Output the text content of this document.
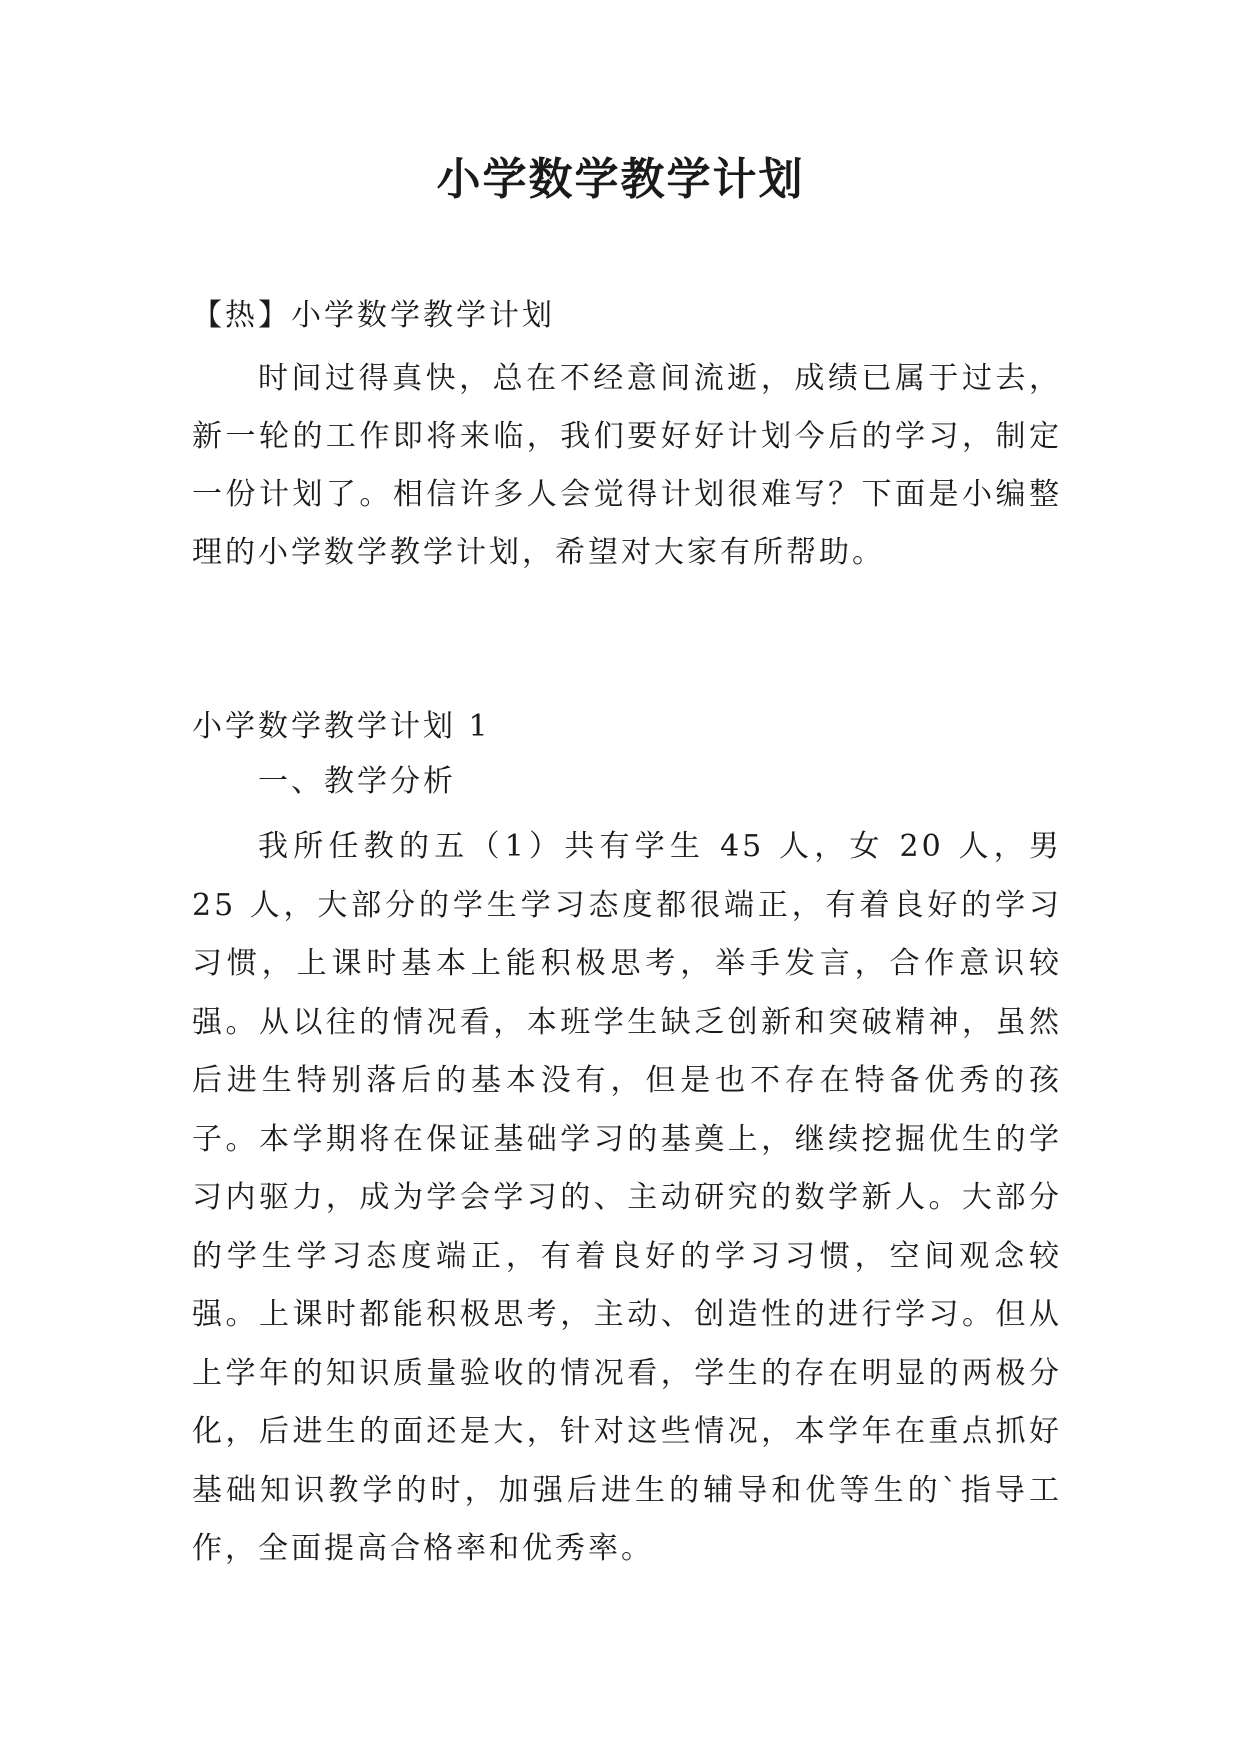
小学数学教学计划

【热】小学数学教学计划

时间过得真快，总在不经意间流逝，成绩已属于过去，新一轮的工作即将来临，我们要好好计划今后的学习，制定一份计划了。相信许多人会觉得计划很难写？下面是小编整理的小学数学教学计划，希望对大家有所帮助。

小学数学教学计划 1

一、教学分析

我所任教的五（1）共有学生 45 人，女 20 人，男 25 人，大部分的学生学习态度都很端正，有着良好的学习习惯，上课时基本上能积极思考，举手发言，合作意识较强。从以往的情况看，本班学生缺乏创新和突破精神，虽然后进生特别落后的基本没有，但是也不存在特备优秀的孩子。本学期将在保证基础学习的基奠上，继续挖掘优生的学习内驱力，成为学会学习的、主动研究的数学新人。大部分的学生学习态度端正，有着良好的学习习惯，空间观念较强。上课时都能积极思考，主动、创造性的进行学习。但从上学年的知识质量验收的情况看，学生的存在明显的两极分化，后进生的面还是大，针对这些情况，本学年在重点抓好基础知识教学的时，加强后进生的辅导和优等生的`指导工作，全面提高合格率和优秀率。
